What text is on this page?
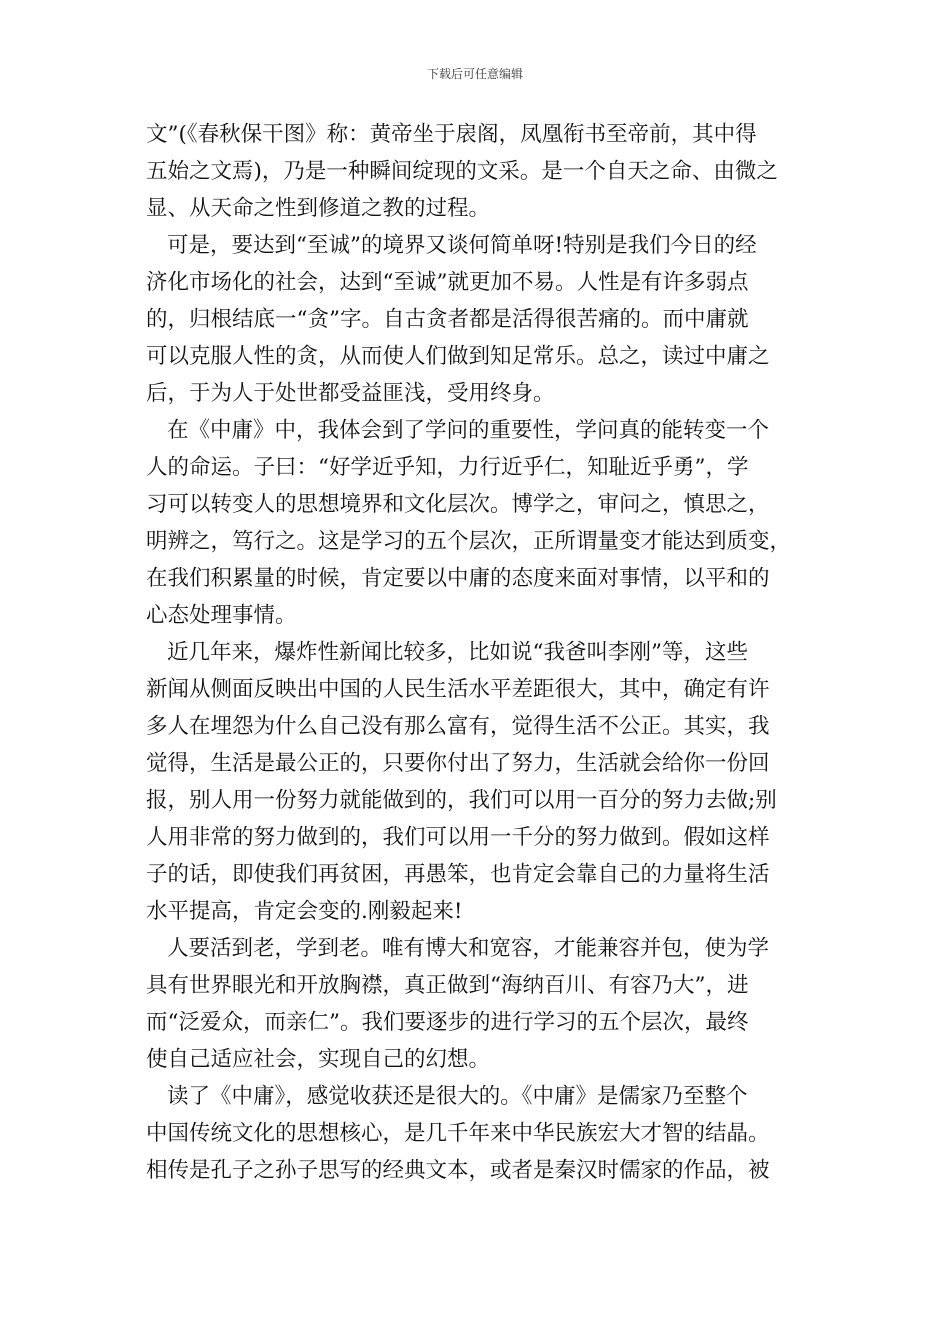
下载后可任意编辑
文”(《春秋保干图》称：黄帝坐于扆阁，凤凰衔书至帝前，其中得
五始之文焉)，乃是一种瞬间绽现的文采。是一个自天之命、由微之
显、从天命之性到修道之教的过程。
可是，要达到“至诚”的境界又谈何简单呀!特别是我们今日的经
济化市场化的社会，达到“至诚”就更加不易。人性是有许多弱点
的，归根结底一“贪”字。自古贪者都是活得很苦痛的。而中庸就
可以克服人性的贪，从而使人们做到知足常乐。总之，读过中庸之
后，于为人于处世都受益匪浅，受用终身。
在《中庸》中，我体会到了学问的重要性，学问真的能转变一个
人的命运。子曰：“好学近乎知，力行近乎仁，知耻近乎勇”，学
习可以转变人的思想境界和文化层次。博学之，审问之，慎思之，
明辨之，笃行之。这是学习的五个层次，正所谓量变才能达到质变，
在我们积累量的时候，肯定要以中庸的态度来面对事情，以平和的
心态处理事情。
近几年来，爆炸性新闻比较多，比如说“我爸叫李刚”等，这些
新闻从侧面反映出中国的人民生活水平差距很大，其中，确定有许
多人在埋怨为什么自己没有那么富有，觉得生活不公正。其实，我
觉得，生活是最公正的，只要你付出了努力，生活就会给你一份回
报，别人用一份努力就能做到的，我们可以用一百分的努力去做;别
人用非常的努力做到的，我们可以用一千分的努力做到。假如这样
子的话，即使我们再贫困，再愚笨，也肯定会靠自己的力量将生活
水平提高，肯定会变的.刚毅起来!
人要活到老，学到老。唯有博大和宽容，才能兼容并包，使为学
具有世界眼光和开放胸襟，真正做到“海纳百川、有容乃大”，进
而“泛爱众，而亲仁”。我们要逐步的进行学习的五个层次，最终
使自己适应社会，实现自己的幻想。
读了《中庸》，感觉收获还是很大的。《中庸》是儒家乃至整个
中国传统文化的思想核心，是几千年来中华民族宏大才智的结晶。
相传是孔子之孙子思写的经典文本，或者是秦汉时儒家的作品，被
